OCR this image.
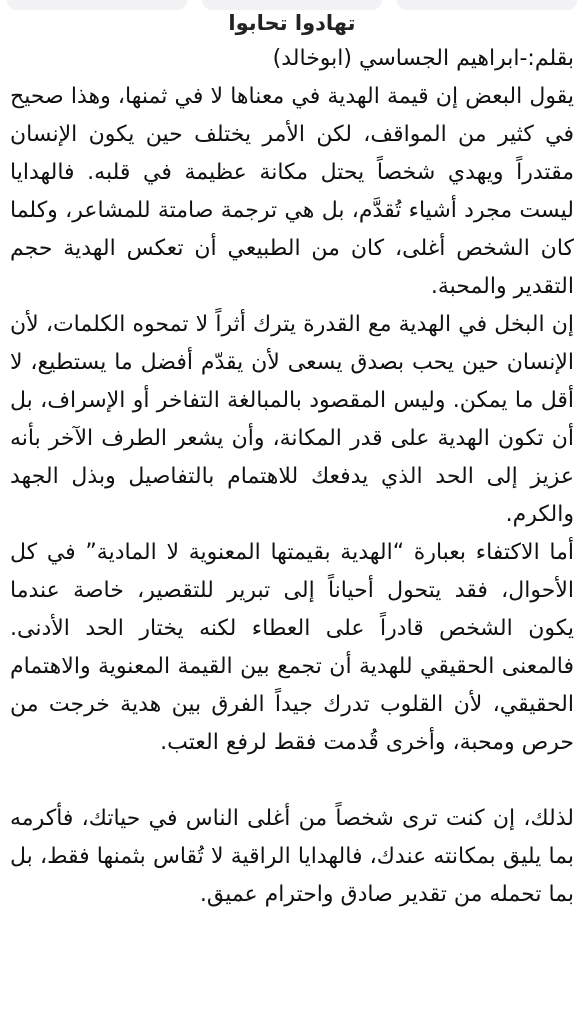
تهادوا تحابوا

بقلم:-ابراهيم الجساسي (ابوخالد)

يقول البعض إن قيمة الهدية في معناها لا في ثمنها، وهذا صحيح في كثير من المواقف، لكن الأمر يختلف حين يكون الإنسان مقتدراً ويهدي شخصاً يحتل مكانة عظيمة في قلبه. فالهدايا ليست مجرد أشياء تُقدَّم، بل هي ترجمة صامتة للمشاعر، وكلما كان الشخص أغلى، كان من الطبيعي أن تعكس الهدية حجم التقدير والمحبة.

إن البخل في الهدية مع القدرة يترك أثراً لا تمحوه الكلمات، لأن الإنسان حين يحب بصدق يسعى لأن يقدّم أفضل ما يستطيع، لا أقل ما يمكن. وليس المقصود بالمبالغة التفاخر أو الإسراف، بل أن تكون الهدية على قدر المكانة، وأن يشعر الطرف الآخر بأنه عزيز إلى الحد الذي يدفعك للاهتمام بالتفاصيل وبذل الجهد والكرم.

أما الاكتفاء بعبارة “الهدية بقيمتها المعنوية لا المادية” في كل الأحوال، فقد يتحول أحياناً إلى تبرير للتقصير، خاصة عندما يكون الشخص قادراً على العطاء لكنه يختار الحد الأدنى. فالمعنى الحقيقي للهدية أن تجمع بين القيمة المعنوية والاهتمام الحقيقي، لأن القلوب تدرك جيداً الفرق بين هدية خرجت من حرص ومحبة، وأخرى قُدمت فقط لرفع العتب.

لذلك، إن كنت ترى شخصاً من أغلى الناس في حياتك، فأكرمه بما يليق بمكانته عندك، فالهدايا الراقية لا تُقاس بثمنها فقط، بل بما تحمله من تقدير صادق واحترام عميق.
